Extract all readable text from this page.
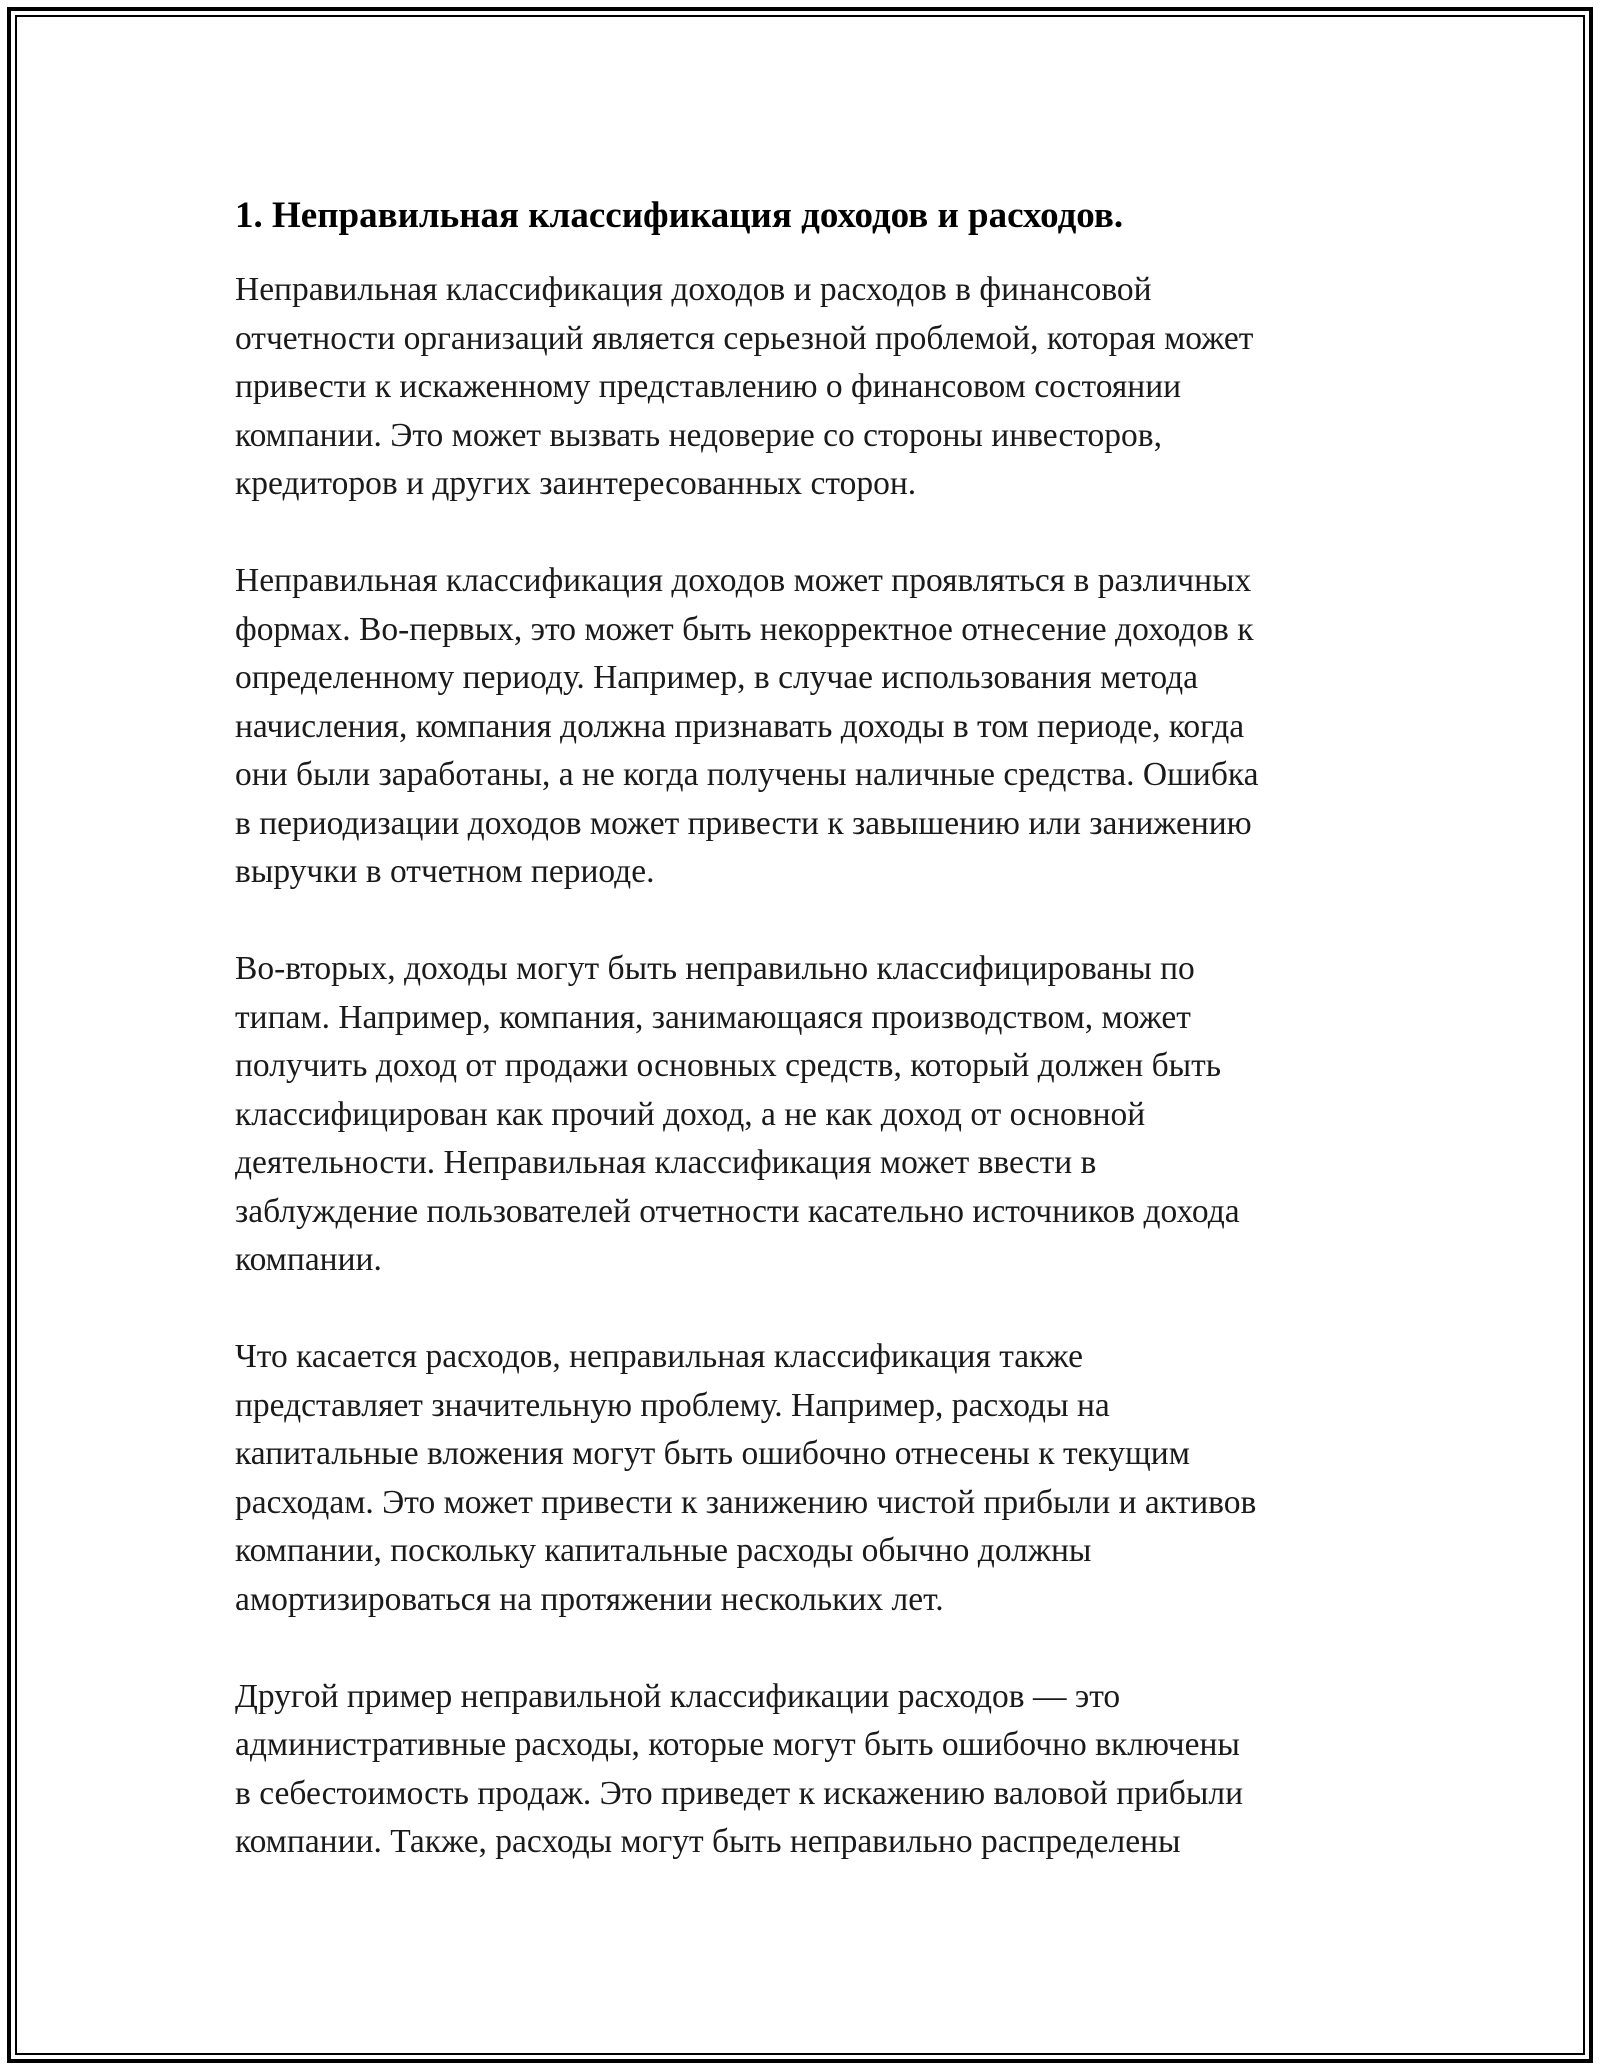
1. Неправильная классификация доходов и расходов.

Неправильная классификация доходов и расходов в финансовой
отчетности организаций является серьезной проблемой, которая может
привести к искаженному представлению о финансовом состоянии
компании. Это может вызвать недоверие со стороны инвесторов,
кредиторов и других заинтересованных сторон.

Неправильная классификация доходов может проявляться в различных
формах. Во-первых, это может быть некорректное отнесение доходов к
определенному периоду. Например, в случае использования метода
начисления, компания должна признавать доходы в том периоде, когда
они были заработаны, а не когда получены наличные средства. Ошибка
в периодизации доходов может привести к завышению или занижению
выручки в отчетном периоде.

Во-вторых, доходы могут быть неправильно классифицированы по
типам. Например, компания, занимающаяся производством, может
получить доход от продажи основных средств, который должен быть
классифицирован как прочий доход, а не как доход от основной
деятельности. Неправильная классификация может ввести в
заблуждение пользователей отчетности касательно источников дохода
компании.

Что касается расходов, неправильная классификация также
представляет значительную проблему. Например, расходы на
капитальные вложения могут быть ошибочно отнесены к текущим
расходам. Это может привести к занижению чистой прибыли и активов
компании, поскольку капитальные расходы обычно должны
амортизироваться на протяжении нескольких лет.

Другой пример неправильной классификации расходов — это
административные расходы, которые могут быть ошибочно включены
в себестоимость продаж. Это приведет к искажению валовой прибыли
компании. Также, расходы могут быть неправильно распределены
